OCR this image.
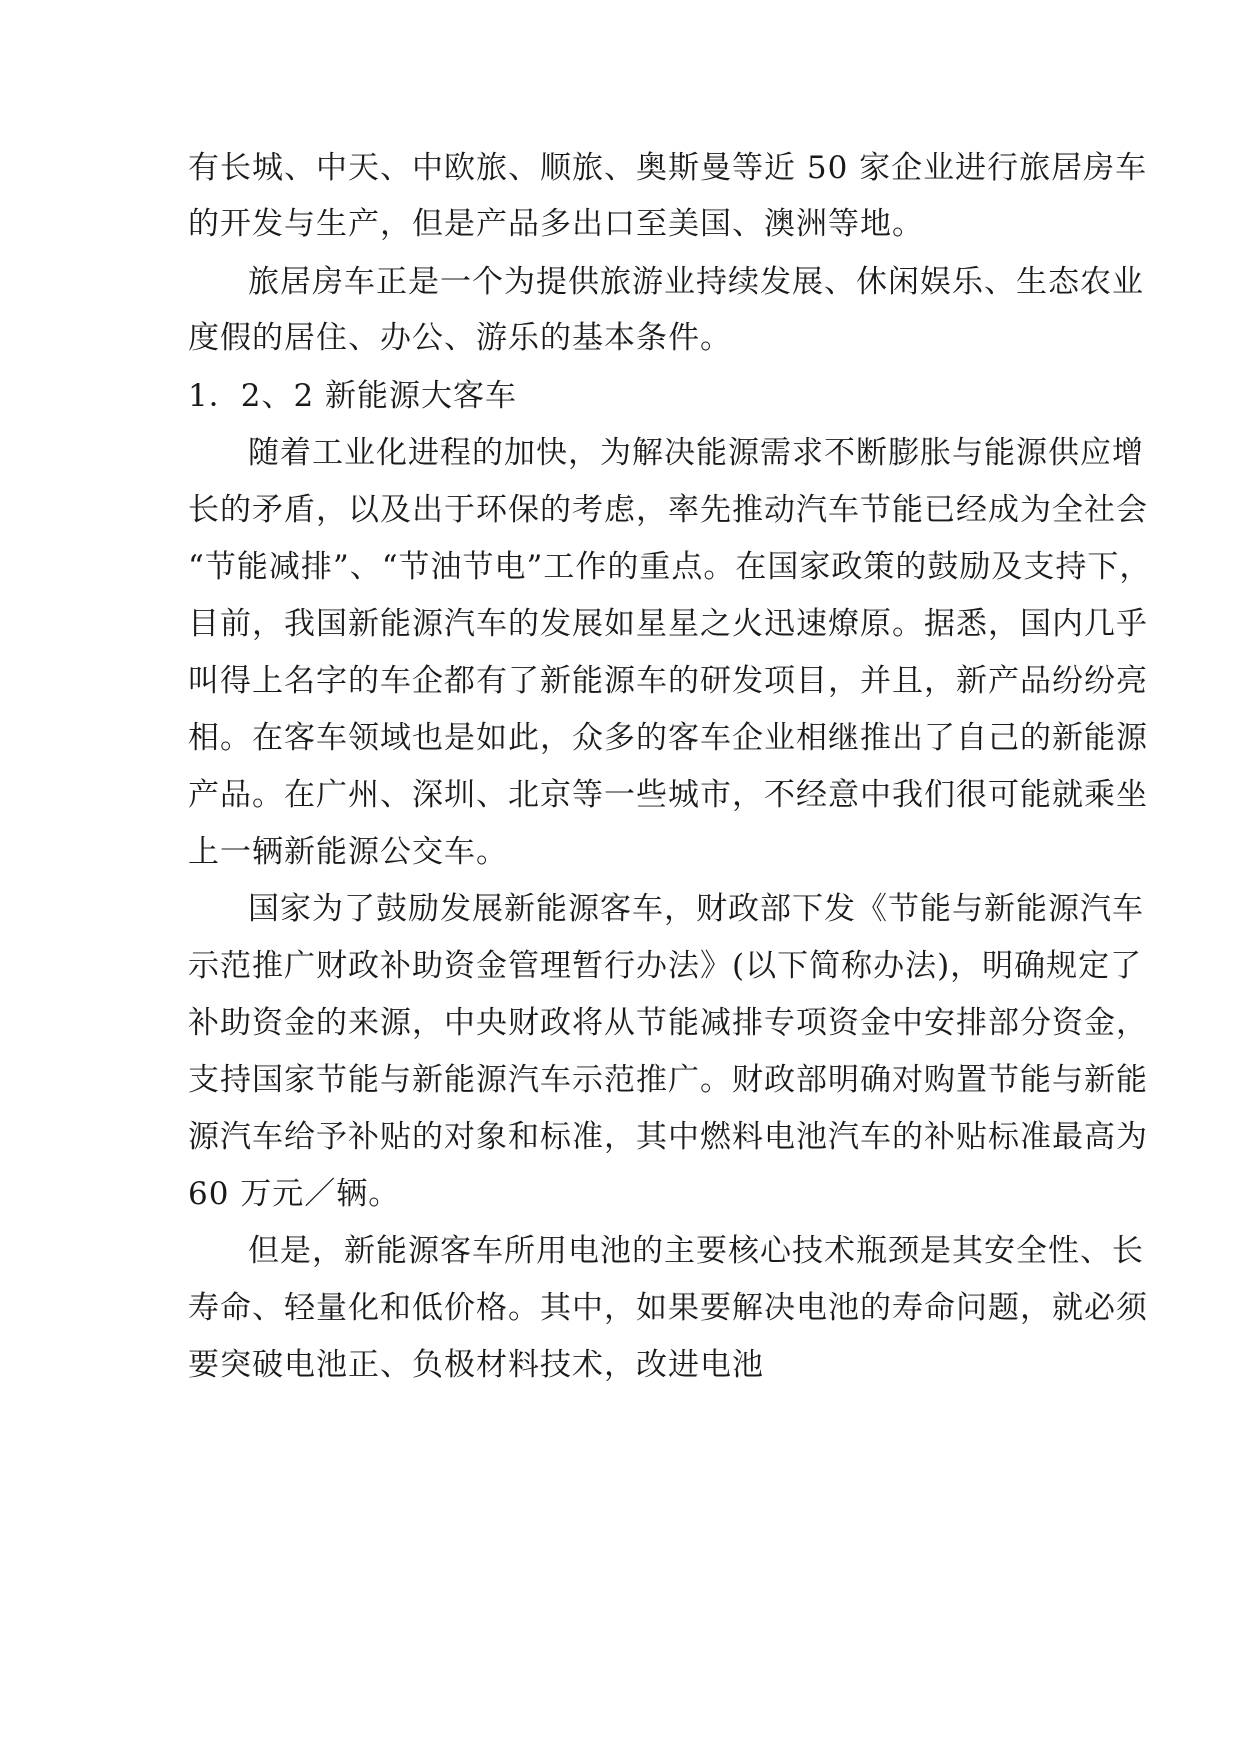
有长城、中天、中欧旅、顺旅、奥斯曼等近 50 家企业进行旅居房车
的开发与生产，但是产品多出口至美国、澳洲等地。
旅居房车正是一个为提供旅游业持续发展、休闲娱乐、生态农业
度假的居住、办公、游乐的基本条件。
1．2、2 新能源大客车
随着工业化进程的加快，为解决能源需求不断膨胀与能源供应增
长的矛盾，以及出于环保的考虑，率先推动汽车节能已经成为全社会
“节能减排”、“节油节电”工作的重点。在国家政策的鼓励及支持下，
目前，我国新能源汽车的发展如星星之火迅速燎原。据悉，国内几乎
叫得上名字的车企都有了新能源车的研发项目，并且，新产品纷纷亮
相。在客车领域也是如此，众多的客车企业相继推出了自己的新能源
产品。在广州、深圳、北京等一些城市，不经意中我们很可能就乘坐
上一辆新能源公交车。
国家为了鼓励发展新能源客车，财政部下发《节能与新能源汽车
示范推广财政补助资金管理暂行办法》(以下简称办法)，明确规定了
补助资金的来源，中央财政将从节能减排专项资金中安排部分资金，
支持国家节能与新能源汽车示范推广。财政部明确对购置节能与新能
源汽车给予补贴的对象和标准，其中燃料电池汽车的补贴标准最高为
60 万元／辆。
但是，新能源客车所用电池的主要核心技术瓶颈是其安全性、长
寿命、轻量化和低价格。其中，如果要解决电池的寿命问题，就必须
要突破电池正、负极材料技术，改进电池
